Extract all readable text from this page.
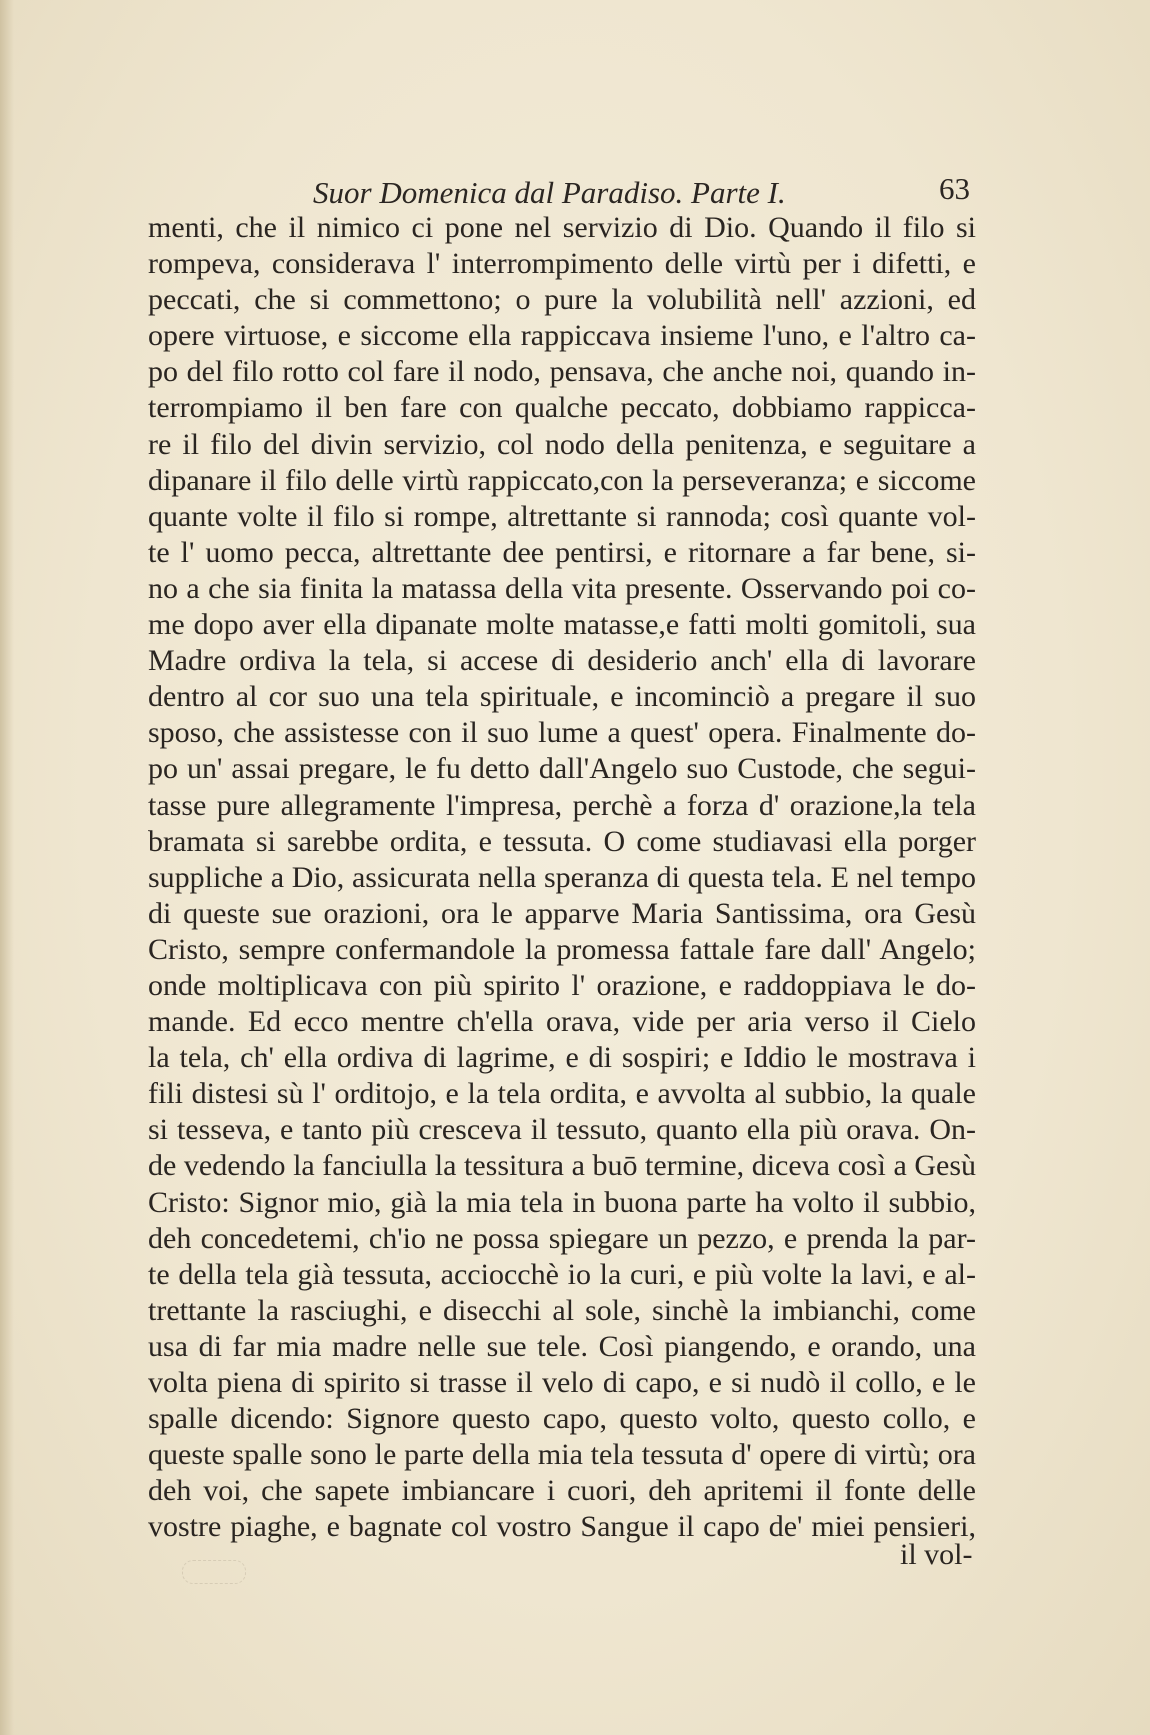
Suor Domenica dal Paradiso. Parte I.	63
menti, che il nimico ci pone nel servizio di Dio. Quando il filo si
rompeva, considerava l' interrompimento delle virtù per i difetti, e
peccati, che si commettono; o pure la volubilità nell' azzioni, ed
opere virtuose, e siccome ella rappiccava insieme l'uno, e l'altro ca-
po del filo rotto col fare il nodo, pensava, che anche noi, quando in-
terrompiamo il ben fare con qualche peccato, dobbiamo rappicca-
re il filo del divin servizio, col nodo della penitenza, e seguitare a
dipanare il filo delle virtù rappiccato,con la perseveranza; e siccome
quante volte il filo si rompe, altrettante si rannoda; così quante vol-
te l' uomo pecca, altrettante dee pentirsi, e ritornare a far bene, si-
no a che sia finita la matassa della vita presente. Osservando poi co-
me dopo aver ella dipanate molte matasse,e fatti molti gomitoli, sua
Madre ordiva la tela, si accese di desiderio anch' ella di lavorare
dentro al cor suo una tela spirituale, e incominciò a pregare il suo
sposo, che assistesse con il suo lume a quest' opera. Finalmente do-
po un' assai pregare, le fu detto dall'Angelo suo Custode, che segui-
tasse pure allegramente l'impresa, perchè a forza d' orazione,la tela
bramata si sarebbe ordita, e tessuta. O come studiavasi ella porger
suppliche a Dio, assicurata nella speranza di questa tela. E nel tempo
di queste sue orazioni, ora le apparve Maria Santissima, ora Gesù
Cristo, sempre confermandole la promessa fattale fare dall' Angelo;
onde moltiplicava con più spirito l' orazione, e raddoppiava le do-
mande. Ed ecco mentre ch'ella orava, vide per aria verso il Cielo
la tela, ch' ella ordiva di lagrime, e di sospiri; e Iddio le mostrava i
fili distesi sù l' orditojo, e la tela ordita, e avvolta al subbio, la quale
si tesseva, e tanto più cresceva il tessuto, quanto ella più orava. On-
de vedendo la fanciulla la tessitura a buō termine, diceva così a Gesù
Cristo: Signor mio, già la mia tela in buona parte ha volto il subbio,
deh concedetemi, ch'io ne possa spiegare un pezzo, e prenda la par-
te della tela già tessuta, acciocchè io la curi, e più volte la lavi, e al-
trettante la rasciughi, e disecchi al sole, sinchè la imbianchi, come
usa di far mia madre nelle sue tele. Così piangendo, e orando, una
volta piena di spirito si trasse il velo di capo, e si nudò il collo, e le
spalle dicendo: Signore questo capo, questo volto, questo collo, e
queste spalle sono le parte della mia tela tessuta d' opere di virtù; ora
deh voi, che sapete imbiancare i cuori, deh apritemi il fonte delle
vostre piaghe, e bagnate col vostro Sangue il capo de' miei pensieri,
il vol-
